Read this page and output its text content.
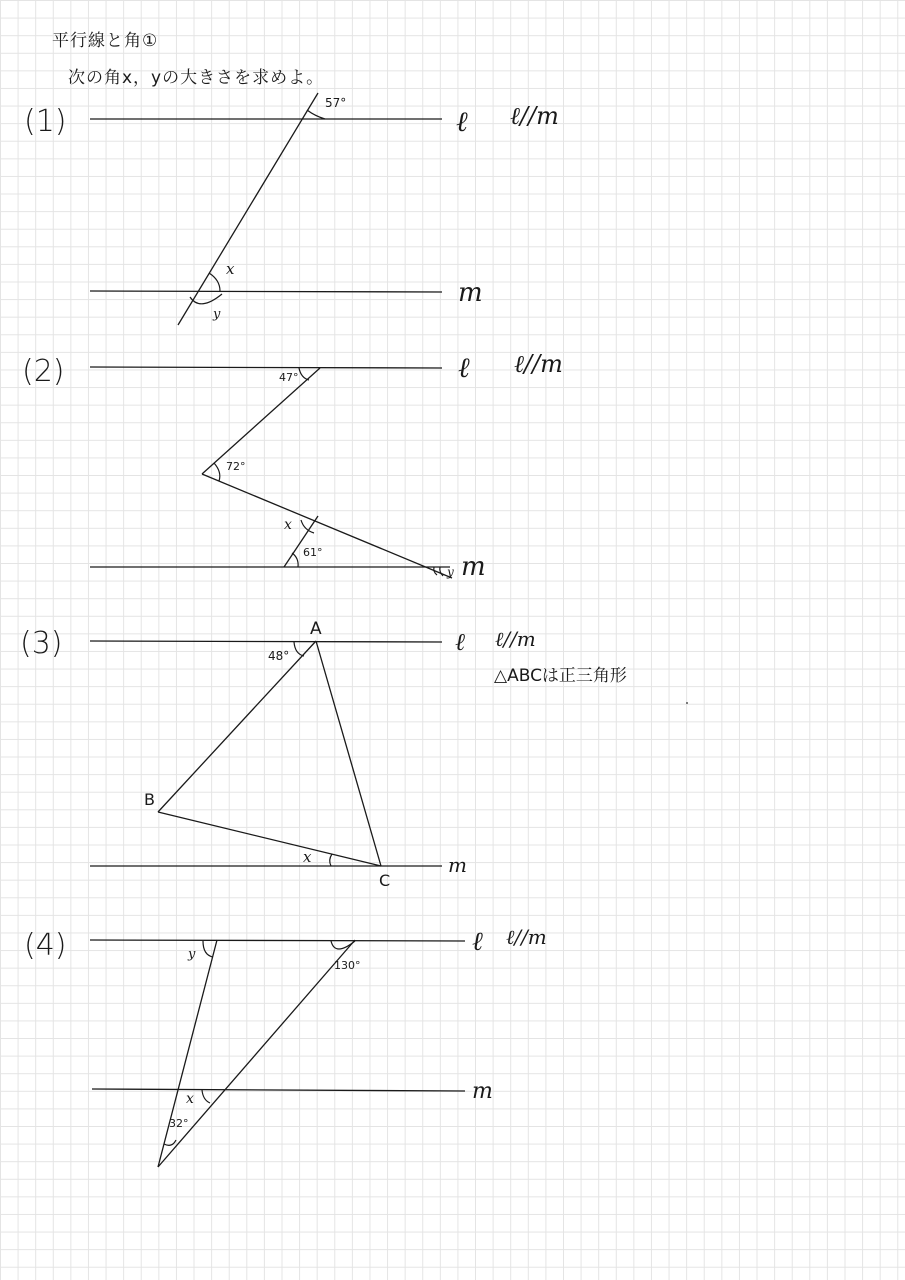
平行線と角①
次の角x，yの大きさを求めよ。
(1)
57°
x
y
ℓ
m
ℓ//m
(2)	47°
72°
61°
x
y
ℓ
m
ℓ//m
(3)	48°
A
B
C
x
ℓ
m
ℓ//m
△ABCは正三角形
(4)	y
130°
x
32°
ℓ
m
ℓ//m
